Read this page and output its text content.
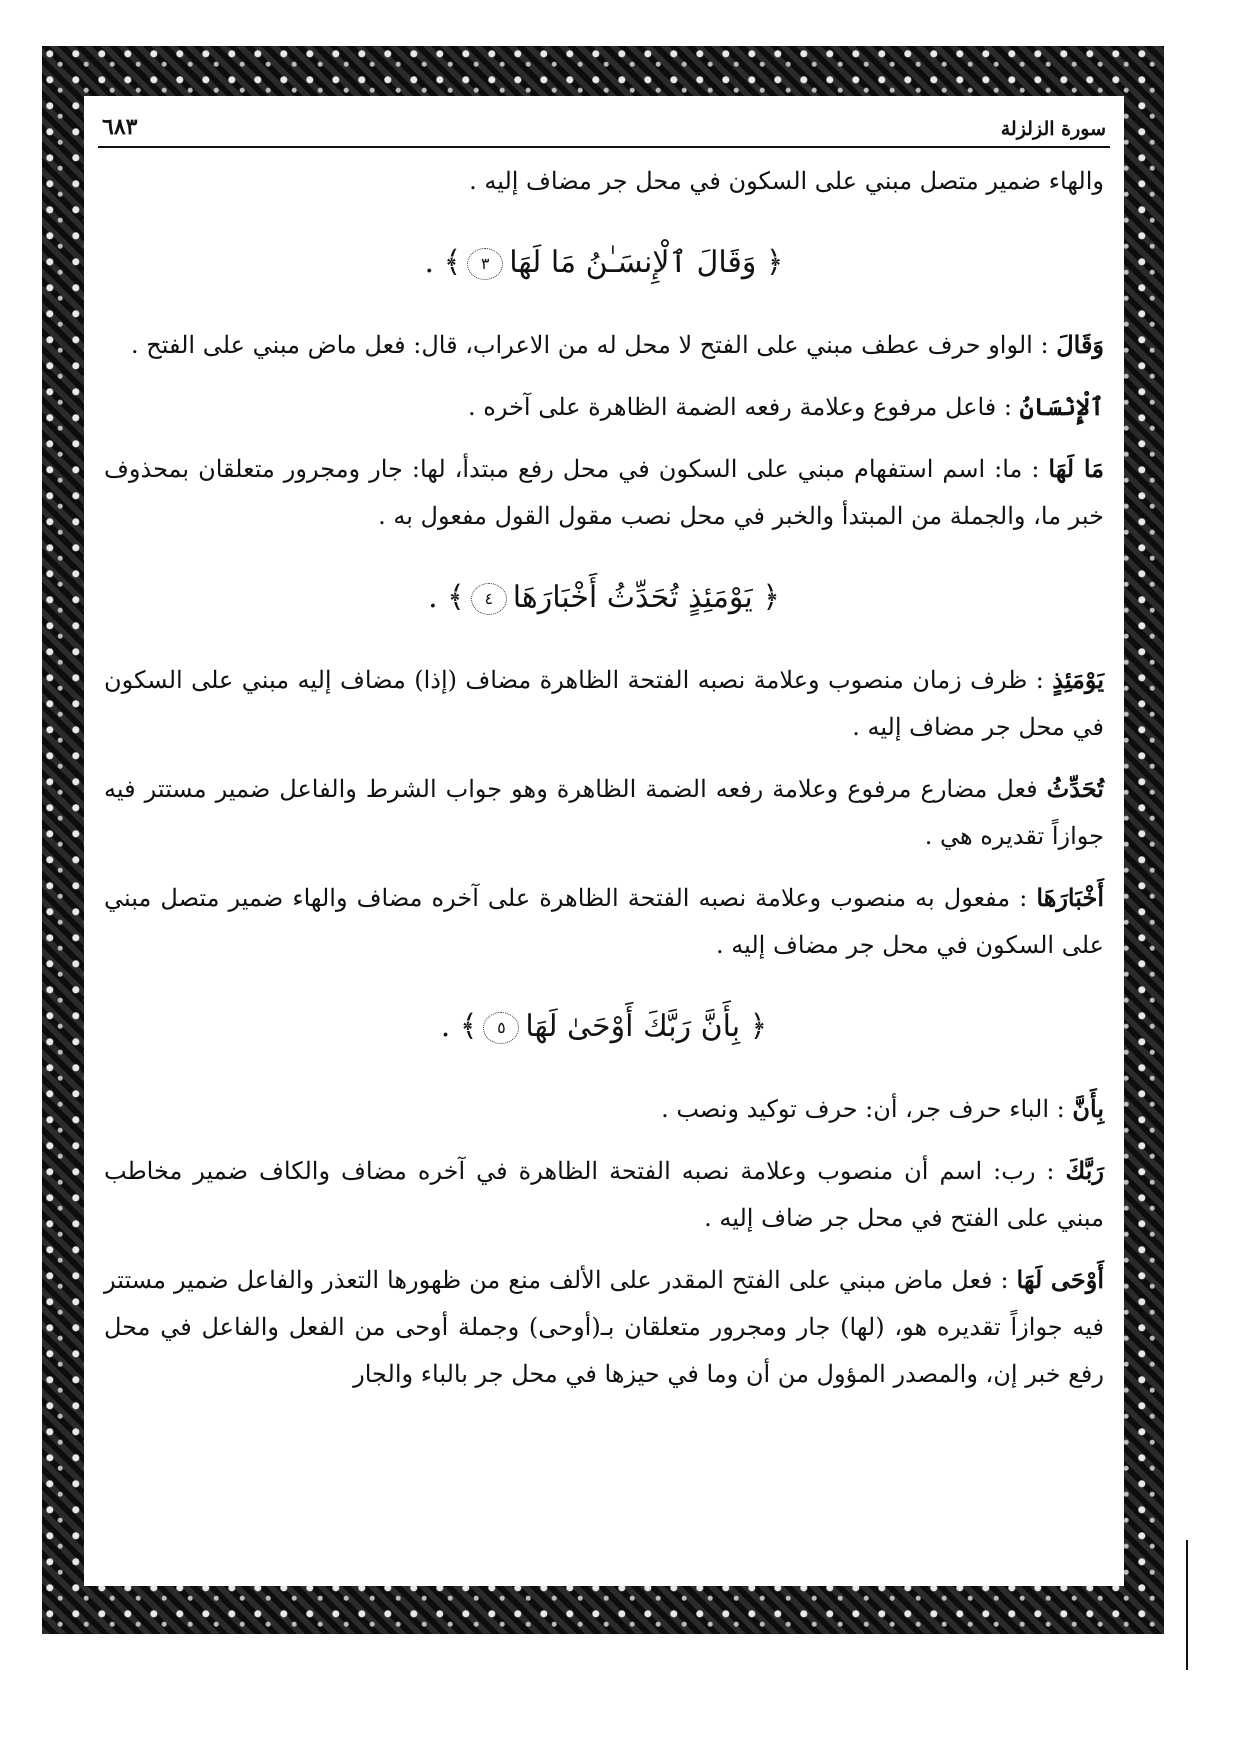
سورة الزلزلة
٦٨٣

والهاء ضمير متصل مبني على السكون في محل جر مضاف إليه .

﴿ وَقَالَ ٱلْإِنسَـٰنُ مَا لَهَا٣﴾ .

وَقَالَ : الواو حرف عطف مبني على الفتح لا محل له من الاعراب، قال: فعل ماض مبني على الفتح .

ٱلْإِنْسَانُ : فاعل مرفوع وعلامة رفعه الضمة الظاهرة على آخره .

مَا لَهَا : ما: اسم استفهام مبني على السكون في محل رفع مبتدأ، لها: جار ومجرور متعلقان بمحذوف خبر ما، والجملة من المبتدأ والخبر في محل نصب مقول القول مفعول به .

﴿ يَوْمَئِذٍ تُحَدِّثُ أَخْبَارَهَا٤﴾ .

يَوْمَئِذٍ : ظرف زمان منصوب وعلامة نصبه الفتحة الظاهرة مضاف (إذا) مضاف إليه مبني على السكون في محل جر مضاف إليه .

تُحَدِّثُ فعل مضارع مرفوع وعلامة رفعه الضمة الظاهرة وهو جواب الشرط والفاعل ضمير مستتر فيه جوازاً تقديره هي .

أَخْبَارَهَا : مفعول به منصوب وعلامة نصبه الفتحة الظاهرة على آخره مضاف والهاء ضمير متصل مبني على السكون في محل جر مضاف إليه .

﴿ بِأَنَّ رَبَّكَ أَوْحَىٰ لَهَا٥﴾ .

بِأَنَّ : الباء حرف جر، أن: حرف توكيد ونصب .

رَبَّكَ : رب: اسم أن منصوب وعلامة نصبه الفتحة الظاهرة في آخره مضاف والكاف ضمير مخاطب مبني على الفتح في محل جر ضاف إليه .

أَوْحَى لَهَا : فعل ماض مبني على الفتح المقدر على الألف منع من ظهورها التعذر والفاعل ضمير مستتر فيه جوازاً تقديره هو، (لها) جار ومجرور متعلقان بـ(أوحى) وجملة أوحى من الفعل والفاعل في محل رفع خبر إن، والمصدر المؤول من أن وما في حيزها في محل جر بالباء والجار
